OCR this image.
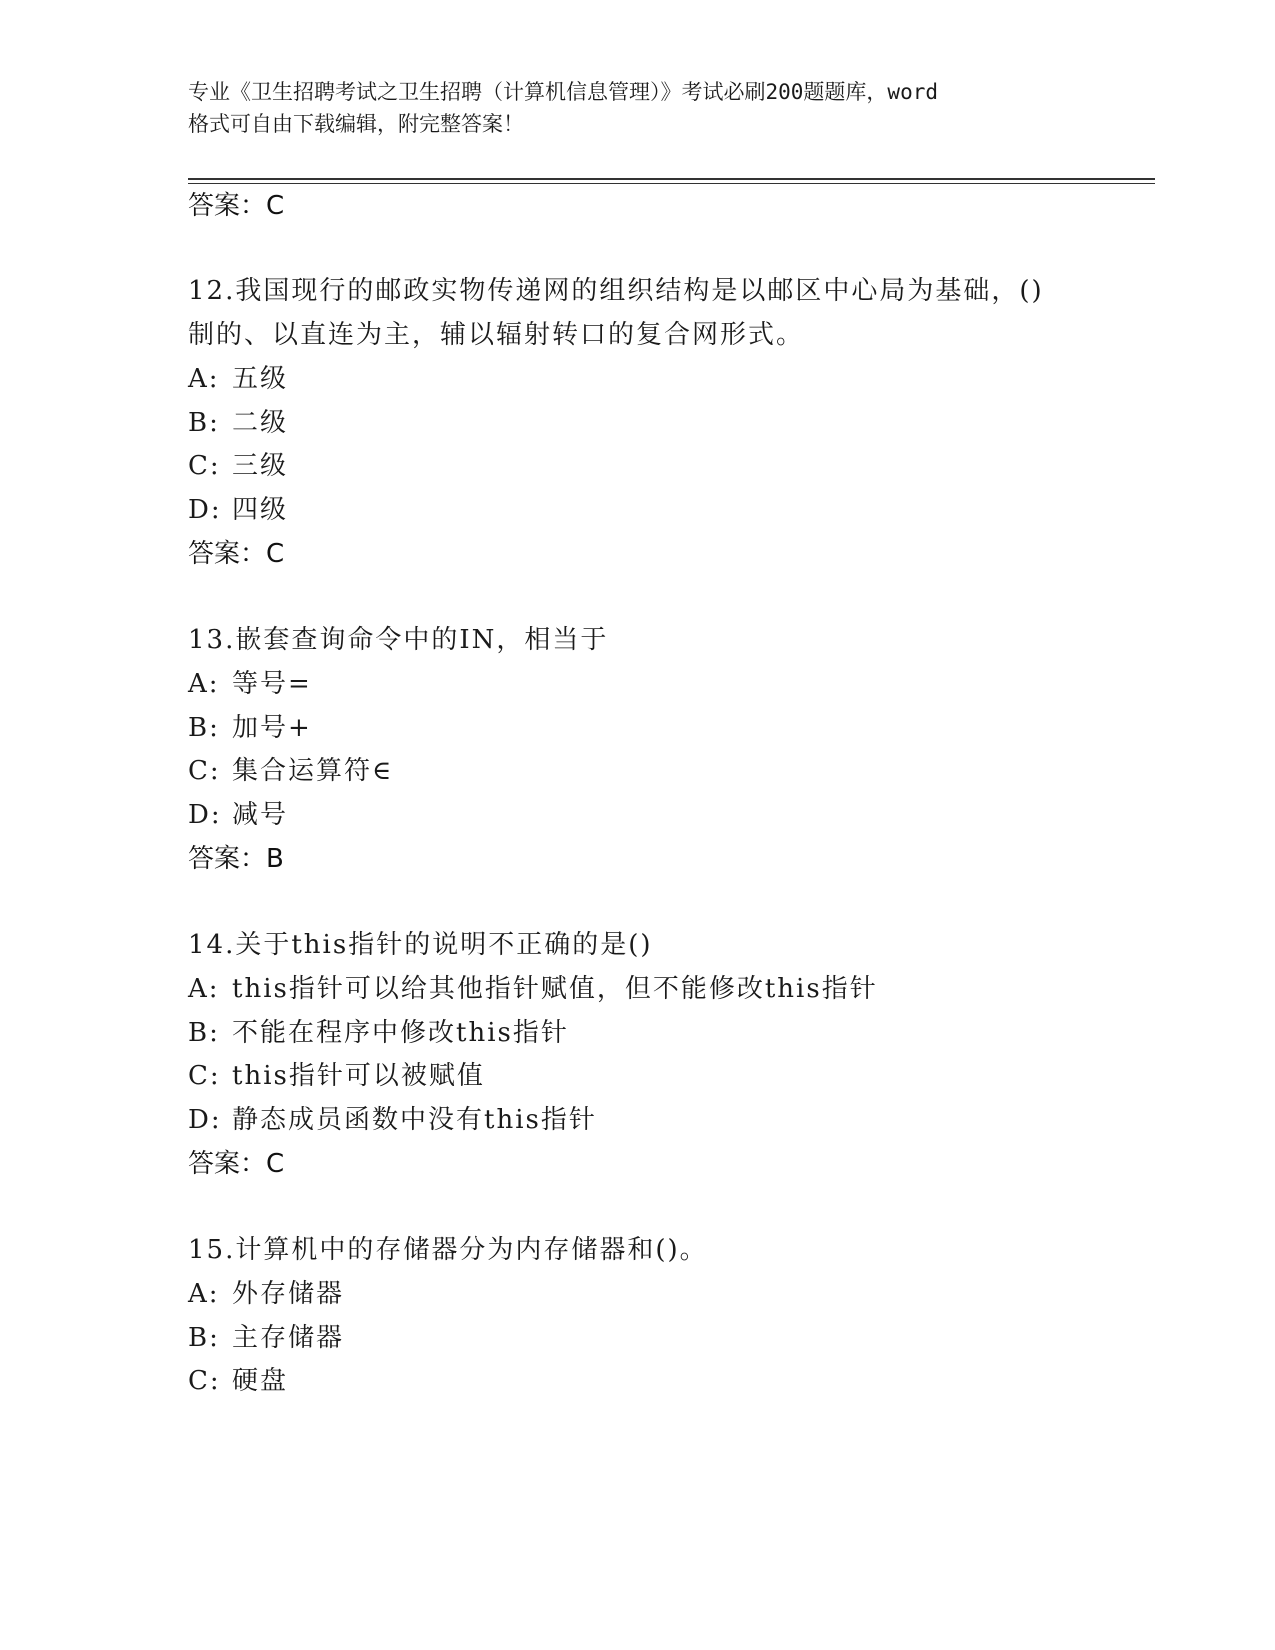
专业《卫生招聘考试之卫生招聘（计算机信息管理）》考试必刷200题题库，word
格式可自由下载编辑，附完整答案！
答案：C
12.我国现行的邮政实物传递网的组织结构是以邮区中心局为基础，()
制的、以直连为主，辅以辐射转口的复合网形式。
A: 五级
B: 二级
C: 三级
D: 四级
答案：C
13.嵌套查询命令中的IN，相当于
A: 等号=
B: 加号+
C: 集合运算符∈
D: 减号
答案：B
14.关于this指针的说明不正确的是()
A: this指针可以给其他指针赋值，但不能修改this指针
B: 不能在程序中修改this指针
C: this指针可以被赋值
D: 静态成员函数中没有this指针
答案：C
15.计算机中的存储器分为内存储器和()。
A: 外存储器
B: 主存储器
C: 硬盘
